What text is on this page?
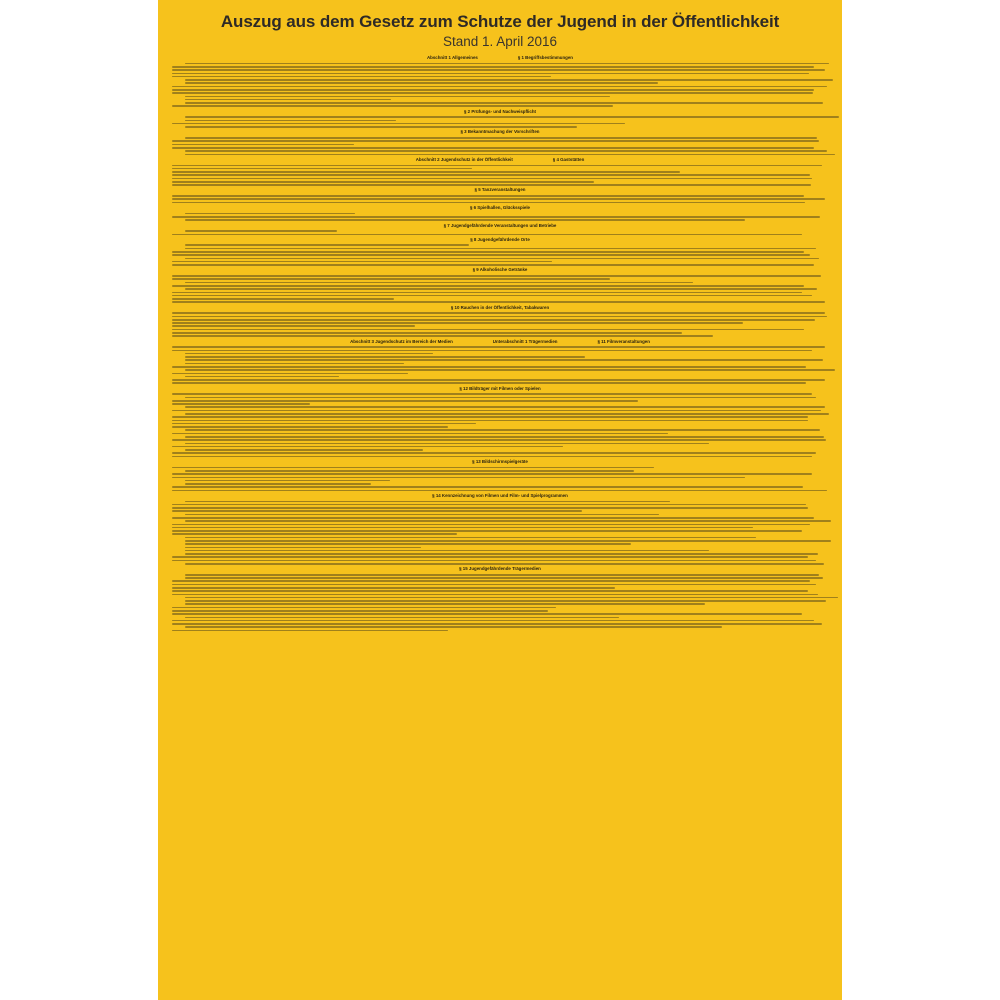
Auszug aus dem Gesetz zum Schutze der Jugend in der Öffentlichkeit
Stand 1. April 2016
Abschnitt 1 Allgemeines	§ 1 Begriffsbestimmungen
§ 2 Prüfungs- und Nachweispflicht
§ 3 Bekanntmachung der Vorschriften
Abschnitt 2 Jugendschutz in der Öffentlichkeit	§ 4 Gaststätten
§ 5 Tanzveranstaltungen
§ 6 Spielhallen, Glücksspiele
§ 7 Jugendgefährdende Veranstaltungen und Betriebe
§ 8 Jugendgefährdende Orte
§ 9 Alkoholische Getränke
§ 10 Rauchen in der Öffentlichkeit, Tabakwaren
Abschnitt 3 Jugendschutz im Bereich der Medien	Unterabschnitt 1 Trägermedien	§ 11 Filmveranstaltungen
§ 12 Bildträger mit Filmen oder Spielen
§ 13 Bildschirmspielgeräte
§ 14 Kennzeichnung von Filmen und Film- und Spielprogrammen
§ 15 Jugendgefährdende Trägermedien
